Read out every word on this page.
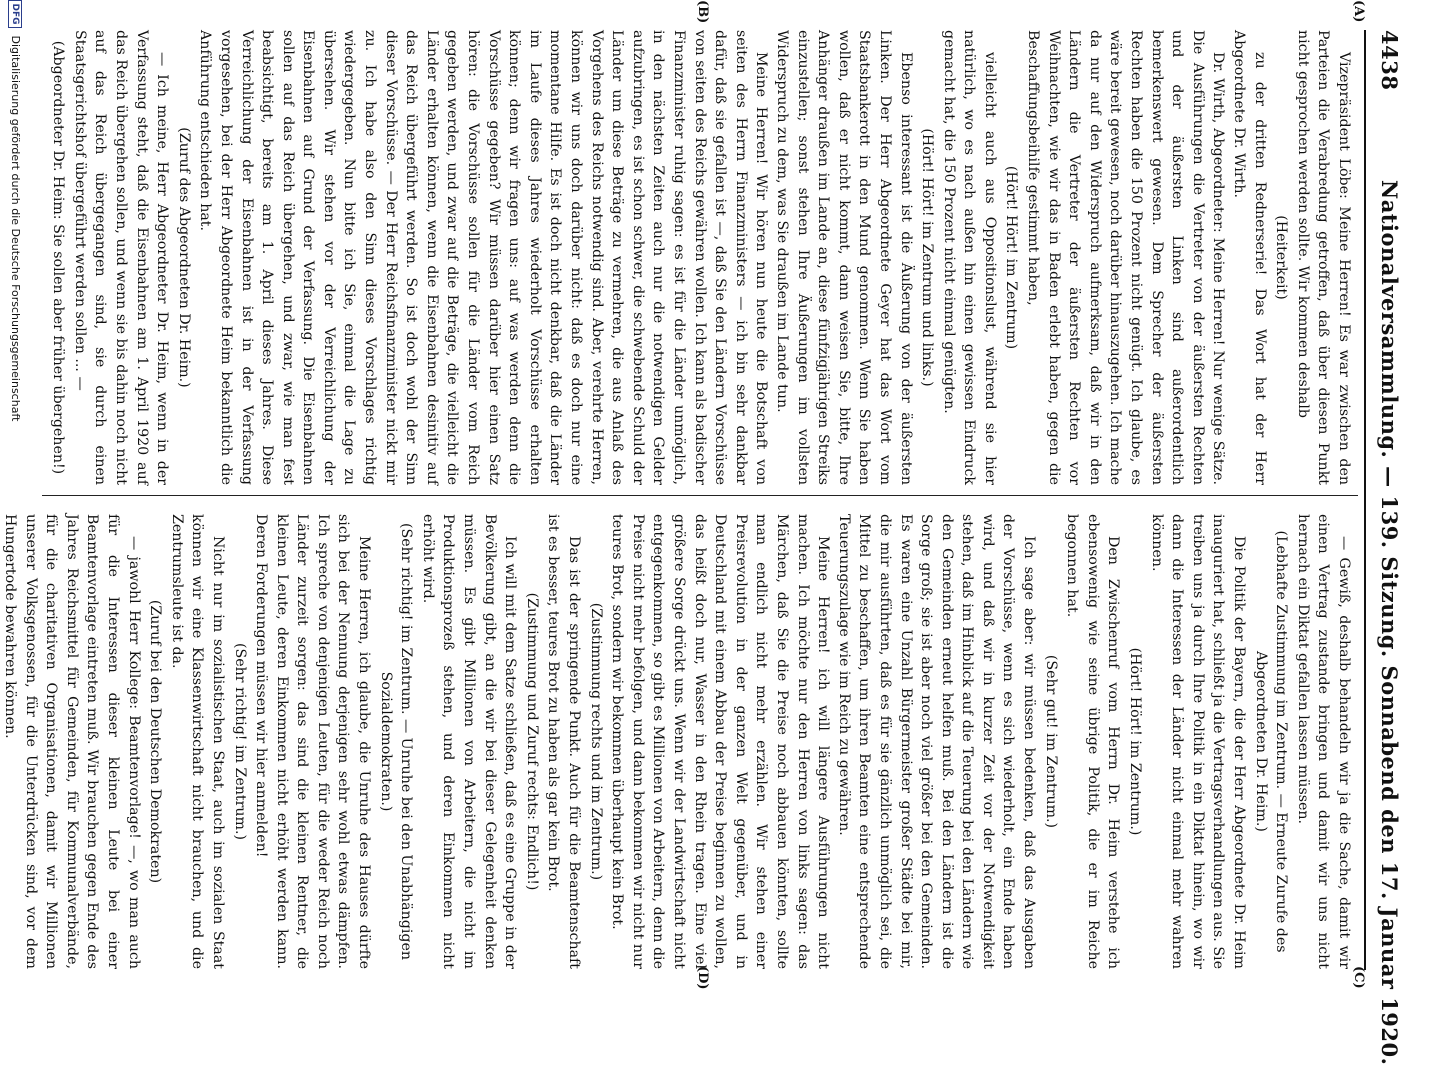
4438
Nationalversammlung. — 139. Sitzung. Sonnabend den 17. Januar 1920.
(A)
(B)
(C)
(D)

Vizepräsident Löbe: Meine Herren! Es war zwischen den Parteien die Verabredung getroffen, daß über diesen Punkt nicht gesprochen werden sollte. Wir kommen deshalb

(Heiterkeit)

zu der dritten Rednerserie! Das Wort hat der Herr Abgeordnete Dr. Wirth.

Dr. Wirth, Abgeordneter: Meine Herren! Nur wenige Sätze. Die Ausführungen die Vertreter von der äußersten Rechten und der äußersten Linken sind außerordentlich bemerkenswert gewesen. Dem Sprecher der äußersten Rechten haben die 150 Prozent nicht genügt. Ich glaube, es wäre bereit gewesen, noch darüber hinauszugehen. Ich mache da nur auf den Widerspruch aufmerksam, daß wir in den Ländern die Vertreter der äußersten Rechten vor Weihnachten, wie wir das in Baden erlebt haben, gegen die Beschaffungsbeihilfe gestimmt haben,

(Hört! Hört! im Zentrum)

vielleicht auch aus Oppositionslust, während sie hier natürlich, wo es nach außen hin einen gewissen Eindruck gemacht hat, die 150 Prozent nicht einmal genügten.

(Hört! Hört! im Zentrum und links.)

Ebenso interessant ist die Äußerung von der äußersten Linken. Der Herr Abgeordnete Geyer hat das Wort vom Staatsbankerott in den Mund genommen. Wenn Sie haben wollen, daß er nicht kommt, dann weisen Sie, bitte, Ihre Anhänger draußen im Lande an, diese fünfzigjährigen Streiks einzustellen; sonst stehen Ihre Äußerungen im vollsten Widerspruch zu dem, was Sie draußen im Lande tun.

Meine Herren! Wir hören nun heute die Botschaft von seiten des Herrn Finanzministers — ich bin sehr dankbar dafür, daß sie gefallen ist —, daß Sie den Ländern Vorschüsse von seiten des Reichs gewähren wollen. Ich kann als badischer Finanzminister ruhig sagen: es ist für die Länder unmöglich, in den nächsten Zeiten auch nur die notwendigen Gelder aufzubringen, es ist schon schwer, die schwebende Schuld der Länder um diese Beträge zu vermehren, die aus Anlaß des Vorgehens des Reichs notwendig sind. Aber, verehrte Herren, können wir uns doch darüber nicht: daß es doch nur eine momentane Hilfe. Es ist doch nicht denkbar, daß die Länder im Laufe dieses Jahres wiederholt Vorschüsse erhalten können; denn wir fragen uns: auf was werden denn die Vorschüsse gegeben? Wir müssen darüber hier einen Satz hören: die Vorschüsse sollen für die Länder vom Reich gegeben werden, und zwar auf die Beträge, die vielleicht die Länder erhalten können, wenn die Eisenbahnen desinitiv auf das Reich übergeführt werden. So ist doch wohl der Sinn dieser Vorschüsse. — Der Herr Reichsfinanzminister nickt mir zu. Ich habe also den Sinn dieses Vorschlages richtig wiedergegeben. Nun bitte ich Sie, einmal die Lage zu übersehen. Wir stehen vor der Verreichlichung der Eisenbahnen auf Grund der Verfassung. Die Eisenbahnen sollen auf das Reich übergehen, und zwar, wie man fest beabsichtigt, bereits am 1. April dieses Jahres. Diese Verreichlichung der Eisenbahnen ist in der Verfassung vorgesehen, bei der Herr Abgeordnete Heim bekanntlich die Anführung entschieden hat.

(Zuruf des Abgeordneten Dr. Heim.)

— Ich meine, Herr Abgeordneter Dr. Heim, wenn in der Verfassung steht, daß die Eisenbahnen am 1. April 1920 auf das Reich übergehen sollen, und wenn sie bis dahin noch nicht auf das Reich übergegangen sind, sie durch einen Staatsgerichtshof übergeführt werden sollen ... —

(Abgeordneter Dr. Heim: Sie sollen aber früher übergehen!)

— Gewiß, deshalb behandeln wir ja die Sache, damit wir einen Vertrag zustande bringen und damit wir uns nicht hernach ein Diktat gefallen lassen müssen.

(Lebhafte Zustimmung im Zentrum. — Erneute Zurufe des Abgeordneten Dr. Heim.)

Die Politik der Bayern, die der Herr Abgeordnete Dr. Heim inauguriert hat, schließt ja die Vertragsverhandlungen aus. Sie treiben uns ja durch Ihre Politik in ein Diktat hinein, wo wir dann die Interessen der Länder nicht einmal mehr wahren können.

(Hört! Hört! im Zentrum.)

Den Zwischenruf vom Herrn Dr. Heim verstehe ich ebensowenig wie seine übrige Politik, die er im Reiche begonnen hat.

(Sehr gut! im Zentrum.)

Ich sage aber: wir müssen bedenken, daß das Ausgaben der Vorschüsse, wenn es sich wiederholt, ein Ende haben wird, und daß wir in kurzer Zeit vor der Notwendigkeit stehen, daß im Hinblick auf die Teuerung bei den Ländern wie den Gemeinden erneut helfen muß. Bei den Ländern ist die Sorge groß; sie ist aber noch viel größer bei den Gemeinden. Es waren eine Unzahl Bürgermeister großer Städte bei mir, die mir ausführten, daß es für sie gänzlich unmöglich sei, die Mittel zu beschaffen, um ihren Beamten eine entsprechende Teuerungszulage wie im Reich zu gewähren.

Meine Herren! ich will längere Ausführungen nicht machen. Ich möchte nur den Herren von links sagen: das Märchen, daß Sie die Preise noch abbauen könnten, sollte man endlich nicht mehr erzählen. Wir stehen einer Preisrevolution in der ganzen Welt gegenüber, und in Deutschland mit einem Abbau der Preise beginnen zu wollen, das heißt doch nur, Wasser in den Rhein tragen. Eine viel größere Sorge drückt uns. Wenn wir der Landwirtschaft nicht entgegenkommen, so gibt es Millionen von Arbeitern, denn die Preise nicht mehr befolgen, und dann bekommen wir nicht nur teures Brot, sondern wir bekommen überhaupt kein Brot.

(Zustimmung rechts und im Zentrum.)

Das ist der springende Punkt. Auch für die Beamtenschaft ist es besser, teures Brot zu haben als gar kein Brot.

(Zustimmung und Zuruf rechts: Endlich!)

Ich will mit dem Satze schließen, daß es eine Gruppe in der Bevölkerung gibt, an die wir bei dieser Gelegenheit denken müssen. Es gibt Millionen von Arbeitern, die nicht im Produktionsprozeß stehen, und deren Einkommen nicht erhöht wird.

(Sehr richtig! im Zentrum. — Unruhe bei den Unabhängigen Sozialdemokraten.)

Meine Herren, ich glaube, die Unruhe des Hauses dürfte sich bei der Nennung derjenigen sehr wohl etwas dämpfen. Ich spreche von denjenigen Leuten, für die weder Reich noch Länder zurzeit sorgen: das sind die kleinen Rentner, die kleinen Leute, deren Einkommen nicht erhöht werden kann. Deren Forderungen müssen wir hier anmelden!

(Sehr richtig! im Zentrum.)

Nicht nur im sozialistischen Staat, auch im sozialen Staat können wir eine Klassenwirtschaft nicht brauchen, und die Zentrumsleute ist da.

(Zuruf bei den Deutschen Demokraten)

— jawohl Herr Kollege: Beamtenvorlage! —, wo man auch für die Interessen dieser kleinen Leute bei einer Beamtenvorlage eintreten muß. Wir brauchen gegen Ende des Jahres Reichsmittel für Gemeinden, für Kommunalverbände, für die charitativen Organisationen, damit wir Millionen unserer Volksgenossen, für die Unterdrücken sind, vor dem Hungertode bewahren können.

DFG Digitalisierung gefördert durch die Deutsche Forschungsgemeinschaft
